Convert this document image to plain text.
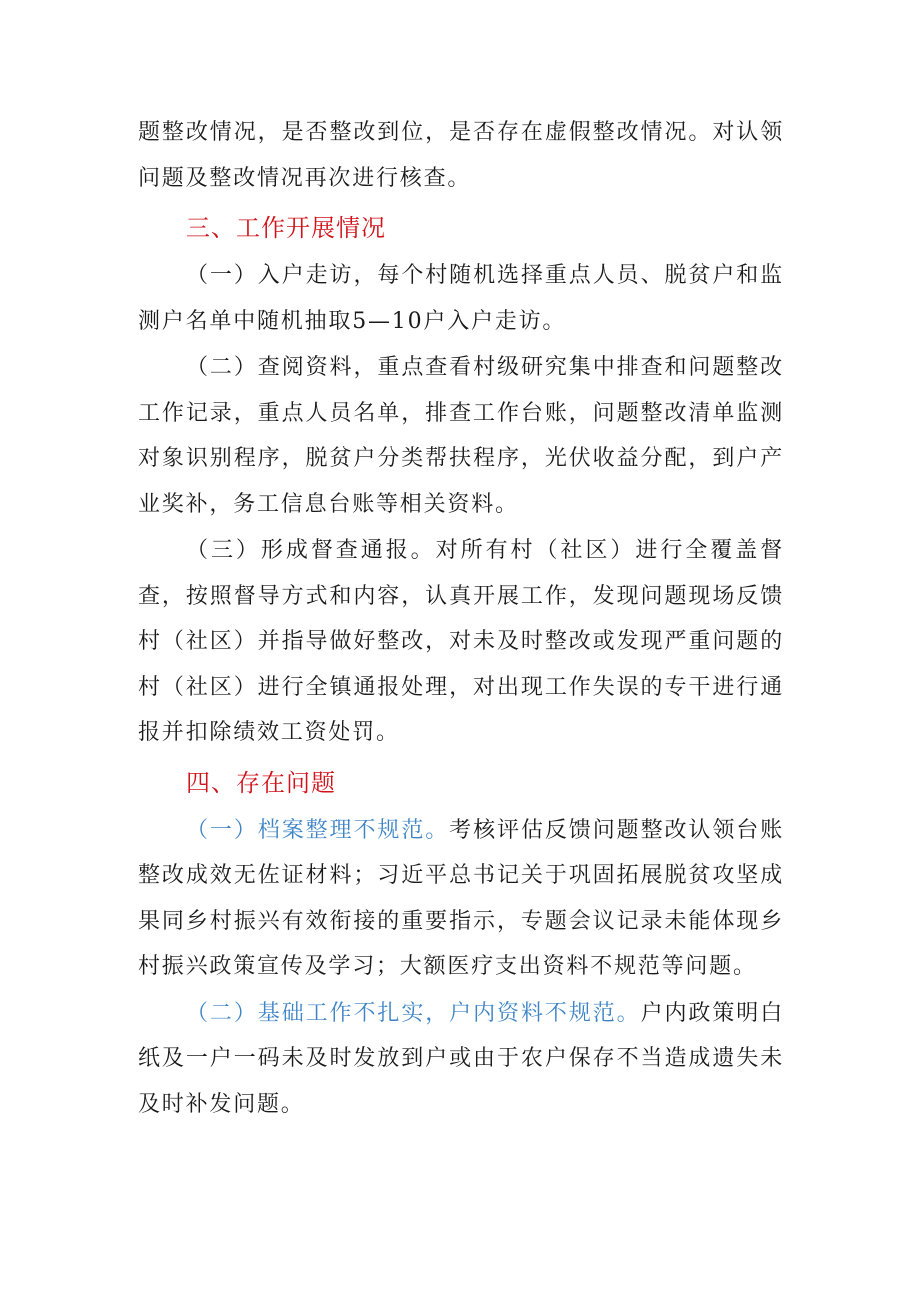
题整改情况，是否整改到位，是否存在虚假整改情况。对认领问题及整改情况再次进行核查。

三、工作开展情况

（一）入户走访，每个村随机选择重点人员、脱贫户和监测户名单中随机抽取5—10户入户走访。

（二）查阅资料，重点查看村级研究集中排查和问题整改工作记录，重点人员名单，排查工作台账，问题整改清单监测对象识别程序，脱贫户分类帮扶程序，光伏收益分配，到户产业奖补，务工信息台账等相关资料。

（三）形成督查通报。对所有村（社区）进行全覆盖督查，按照督导方式和内容，认真开展工作，发现问题现场反馈村（社区）并指导做好整改，对未及时整改或发现严重问题的村（社区）进行全镇通报处理，对出现工作失误的专干进行通报并扣除绩效工资处罚。

四、存在问题

（一）档案整理不规范。考核评估反馈问题整改认领台账整改成效无佐证材料；习近平总书记关于巩固拓展脱贫攻坚成果同乡村振兴有效衔接的重要指示，专题会议记录未能体现乡村振兴政策宣传及学习；大额医疗支出资料不规范等问题。

（二）基础工作不扎实，户内资料不规范。户内政策明白纸及一户一码未及时发放到户或由于农户保存不当造成遗失未及时补发问题。
